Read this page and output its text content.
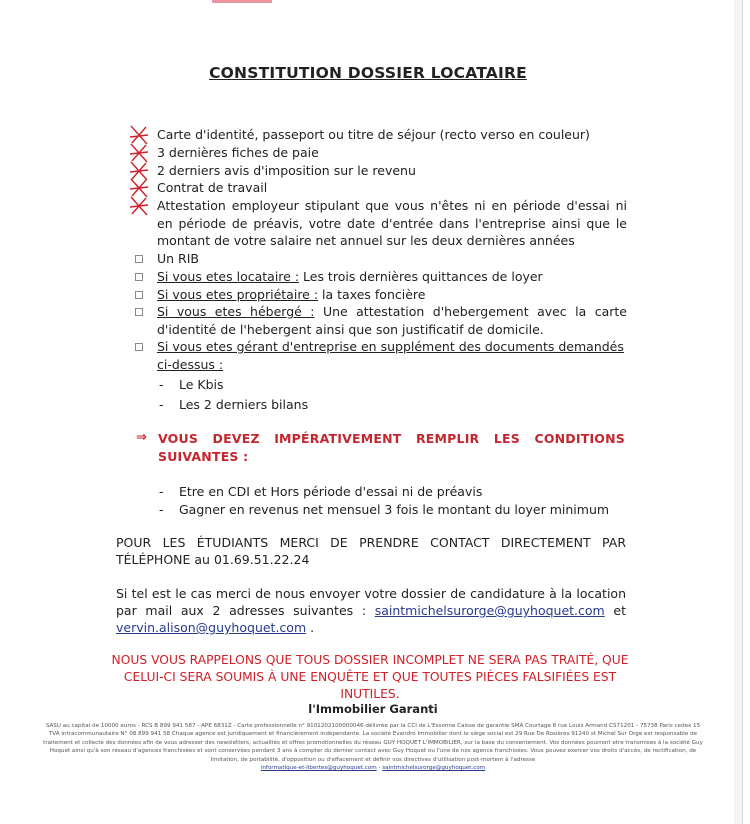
CONSTITUTION DOSSIER LOCATAIRE
Carte d'identité, passeport ou titre de séjour (recto verso en couleur)
3 dernières fiches de paie
2 derniers avis d'imposition sur le revenu
Contrat de travail
Attestation employeur stipulant que vous n'êtes ni en période d'essai ni en période de préavis, votre date d'entrée dans l'entreprise ainsi que le montant de votre salaire net annuel sur les deux dernières années
Un RIB
Si vous etes locataire : Les trois dernières quittances de loyer
Si vous etes propriétaire : la taxes foncière
Si vous etes hébergé : Une attestation d'hebergement avec la carte d'identité de l'hebergent ainsi que son justificatif de domicile.
Si vous etes gérant d'entreprise en supplément des documents demandés ci-dessus :
- Le Kbis
- Les 2 derniers bilans
⇒ VOUS DEVEZ IMPÉRATIVEMENT REMPLIR LES CONDITIONS SUIVANTES :
- Etre en CDI et Hors période d'essai ni de préavis
- Gagner en revenus net mensuel 3 fois le montant du loyer minimum
POUR LES ÉTUDIANTS MERCI DE PRENDRE CONTACT DIRECTEMENT PAR TÉLÉPHONE au 01.69.51.22.24
Si tel est le cas merci de nous envoyer votre dossier de candidature à la location par mail aux 2 adresses suivantes : saintmichelsurorge@guyhoquet.com et vervin.alison@guyhoquet.com .
NOUS VOUS RAPPELONS QUE TOUS DOSSIER INCOMPLET NE SERA PAS TRAITÉ, QUE CELUI-CI SERA SOUMIS À UNE ENQUÊTE ET QUE TOUTES PIÈCES FALSIFIÉES EST INUTILES.
l'Immobilier Garanti
SASU au capital de 10000 euros - RCS B 899 941 587 - APE 6831Z - Carte professionnelle n° 9101202100000046 délivrée par la CCI de L'Essonne Caisse de garantie SMA Courtage 8 rue Louis Armand CS71201 - 75738 Paris cedex 15 TVA intracommunautaire N° 08 899 941 58 Chaque agence est juridiquement et financièrement indépendante. La société Evandro Immobilier dont le siège social est 29 Rue De Rosières 91240 st Michel Sur Orge est responsable de traitement et collecte des données afin de vous adresser des newsletters, actualités et offres promotionnelles du réseau GUY HOQUET L'IMMOBILIER, sur la base du consentement. Vos données pourront etre transmises à la société Guy Hoquet ainsi qu'à son réseau d'agences franchisées et sont conservées pendant 3 ans à compter du dernier contact avec Guy Hoquet ou l'une de nos agence franchisées. Vous pouvez exercer vos droits d'accès, de rectification, de limitation, de portabilité, d'opposition ou d'effacement et définir vos directives d'utilisation post-mortem à l'adresse
informatique-et-libertes@guyhoquet.com - saintmichelsurorge@guyhoquet.com
